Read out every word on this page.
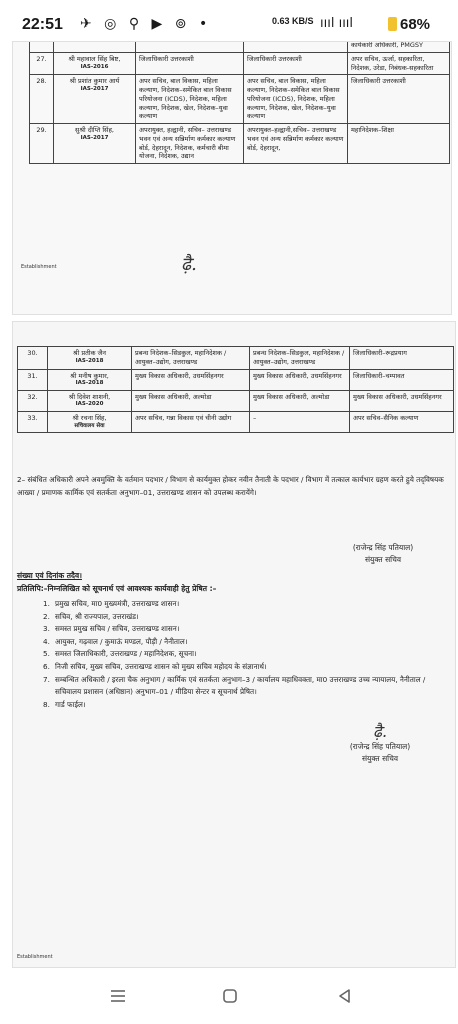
22:51 ✈ ◎ ⚲ ▶ ⊚ •	0.63 KB/S ıııl ıııl	68%

			कार्यकारी अधिकारी, PMGSY
27.	श्री महावाल सिंह बिष्ट,
IAS-2016	जिलाधिकारी उत्तरकाशी	जिलाधिकारी उत्तरकाशी	अपर सचिव, ऊर्जा, सहकारिता, निदेशक, उरेडा, निबंधक-सहकारिता
28.	श्री प्रशांत कुमार आर्य
IAS-2017	अपर सचिव, बाल विकास, महिला कल्याण, निदेशक–समेकित बाल विकास परियोजना (ICDS), निदेशक, महिला कल्याण, निदेशक, खेल, निदेशक–युवा कल्याण	अपर सचिव, बाल विकास, महिला कल्याण, निदेशक–समेकित बाल विकास परियोजना (ICDS), निदेशक, महिला कल्याण, निदेशक, खेल, निदेशक–युवा कल्याण	जिलाधिकारी उत्तरकाशी
29.	सुश्री दीप्ति सिंह,
IAS-2017	अपरायुक्त, हल्द्वानी, सचिव– उत्तराखण्ड भवन एवं अन्य सन्निर्माण कर्मकार कल्याण बोर्ड, देहरादून, निदेशक, कर्मचारी बीमा योजना, निदेशक, उद्यान	अपरायुक्त–हल्द्वानी,सचिव– उत्तराखण्ड भवन एवं अन्य सन्निर्माण कर्मकार कल्याण बोर्ड, देहरादून,	महानिदेशक–शिक्षा
ढ़ै.
Establishment
30.	श्री प्रतीक जैन
IAS-2018	प्रबन्ध निदेशक–सिडकुल, महानिदेशक / आयुक्त–उद्योग, उत्तराखण्ड	प्रबन्ध निदेशक–सिडकुल, महानिदेशक / आयुक्त–उद्योग, उत्तराखण्ड	जिलाधिकारी–रूद्रप्रयाग
31.	श्री मनीष कुमार,
IAS-2018	मुख्य विकास अधिकारी, उधमसिंहनगर	मुख्य विकास अधिकारी, उधमसिंहनगर	जिलाधिकारी–चम्पावत
32.	श्री दिवेश शाशनी,
IAS-2020	मुख्य विकास अधिकारी, अल्मोडा	मुख्य विकास अधिकारी, अल्मोडा	मुख्य विकास अधिकारी, उधमसिंहनगर
33.	श्री रचना सिंह,
सचिवालय सेवा	अपर सचिव, गन्ना विकास एवं चीनी उद्योग	–	अपर सचिव–सैनिक कल्याण
2– संबंधित अधिकारी अपने अवमुक्ति के वर्तमान पदभार / विभाग से कार्यमुक्त होकर नवीन तैनाती के पदभार / विभाग में तत्काल कार्यभार ग्रहण करते हुये तद्‌विषयक आख्या / प्रमाणक कार्मिक एवं सतर्कता अनुभाग–01, उत्तराखण्ड शासन को उपलब्ध करायेंगे।
(राजेन्द्र सिंह पतियाल)
संयुक्त सचिव
संख्या एवं दिनांक तदैव।
प्रतिलिपि:–निम्नलिखित को सूचनार्थ एवं आवश्यक कार्यवाही हेतु प्रेषित :–
1. प्रमुख सचिव, मा0 मुख्यमंत्री, उत्तराखण्ड शासन।
2. सचिव, श्री राज्यपाल, उत्तराखंड।
3. समस्त प्रमुख सचिव / सचिव, उत्तराखण्ड शासन।
4. आयुक्त, गढ़वाल / कुमाऊं मण्डल, पौड़ी / नैनीताल।
5. समस्त जिलाधिकारी, उत्तराखण्ड / महानिदेशक, सूचना।
6. निजी सचिव, मुख्य सचिव, उत्तराखण्ड शासन को मुख्य सचिव महोदय के संज्ञानार्थ।
7. सम्बन्धित अधिकारी / इरला चैक अनुभाग / कार्मिक एवं सतर्कता अनुभाग–3 / कार्यालय महाधिवक्ता, मा0 उत्तराखण्ड उच्च न्यायालय, नैनीताल / सचिवालय प्रशासन (अधिष्ठान) अनुभाग–01 / मीडिया सेन्टर व सूचनार्थ प्रेषित।
8. गार्ड फाईल।
ढ़ै.
(राजेन्द्र सिंह पतियाल)
संयुक्त सचिव
Establishment
